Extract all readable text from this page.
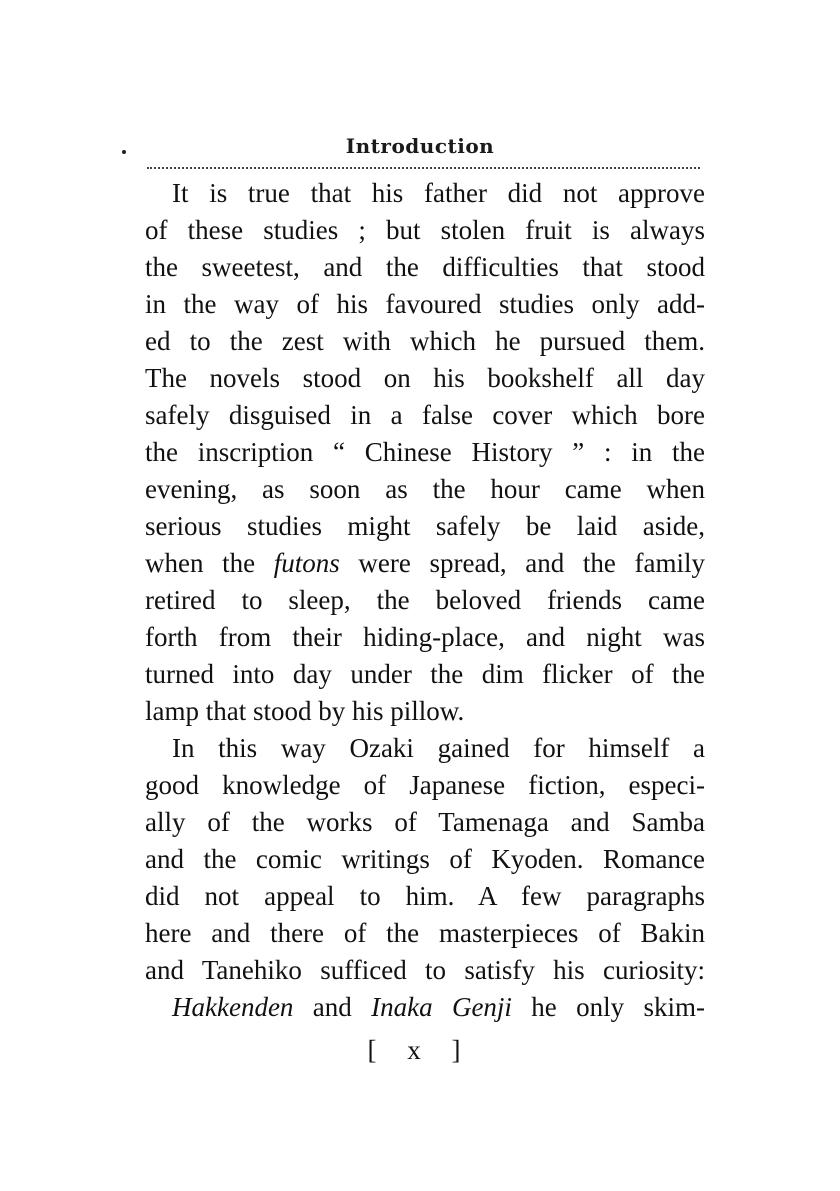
Introduction
It is true that his father did not approve
of these studies ; but stolen fruit is always
the sweetest, and the difficulties that stood
in the way of his favoured studies only add-
ed to the zest with which he pursued them.
The novels stood on his bookshelf all day
safely disguised in a false cover which bore
the inscription “ Chinese History ” : in the
evening, as soon as the hour came when
serious studies might safely be laid aside,
when the futons were spread, and the family
retired to sleep, the beloved friends came
forth from their hiding-place, and night was
turned into day under the dim flicker of the
lamp that stood by his pillow.
In this way Ozaki gained for himself a
good knowledge of Japanese fiction, especi-
ally of the works of Tamenaga and Samba
and the comic writings of Kyoden. Romance
did not appeal to him. A few paragraphs
here and there of the masterpieces of Bakin
and Tanehiko sufficed to satisfy his curiosity:
Hakkenden and Inaka Genji he only skim-
[ x ]
